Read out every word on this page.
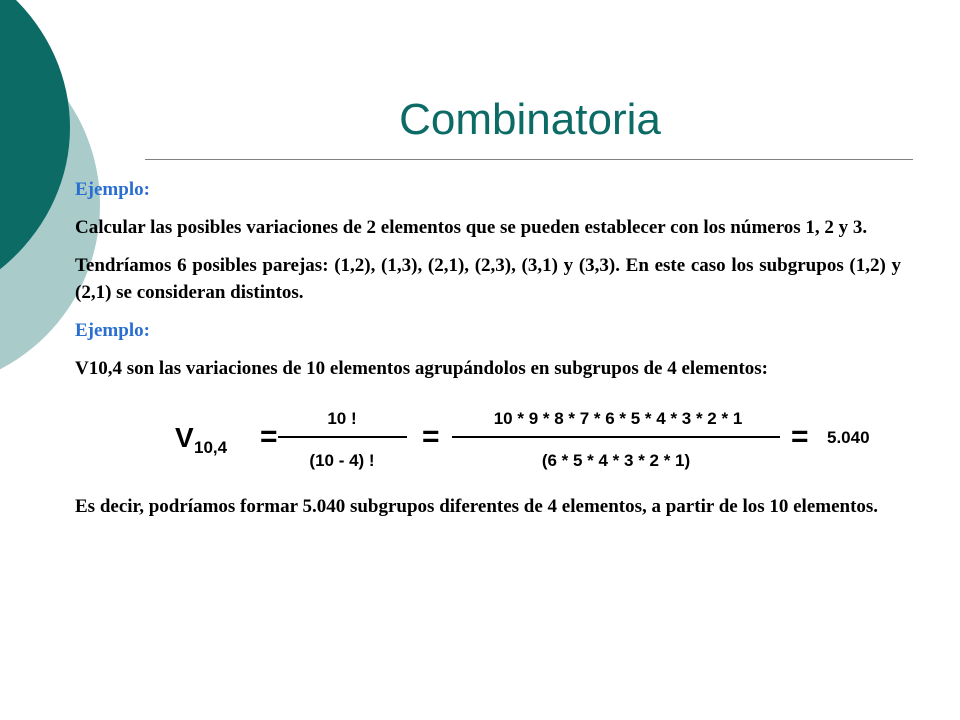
Combinatoria

Ejemplo:

Calcular las posibles variaciones de 2 elementos que se pueden establecer con los números 1, 2 y 3.

Tendríamos 6 posibles parejas: (1,2), (1,3), (2,1), (2,3), (3,1) y (3,3). En este caso los subgrupos (1,2) y (2,1) se consideran distintos.

Ejemplo:

V10,4 son las variaciones de 10 elementos agrupándolos en subgrupos de 4 elementos:

V 10,4 =
10 !
(10 - 4) !
=
10 * 9 * 8 * 7 * 6 * 5 * 4 * 3 * 2 * 1
(6 * 5 * 4 * 3 * 2 * 1)
= 5.040

Es decir, podríamos formar 5.040 subgrupos diferentes de 4 elementos, a partir de los 10 elementos.
